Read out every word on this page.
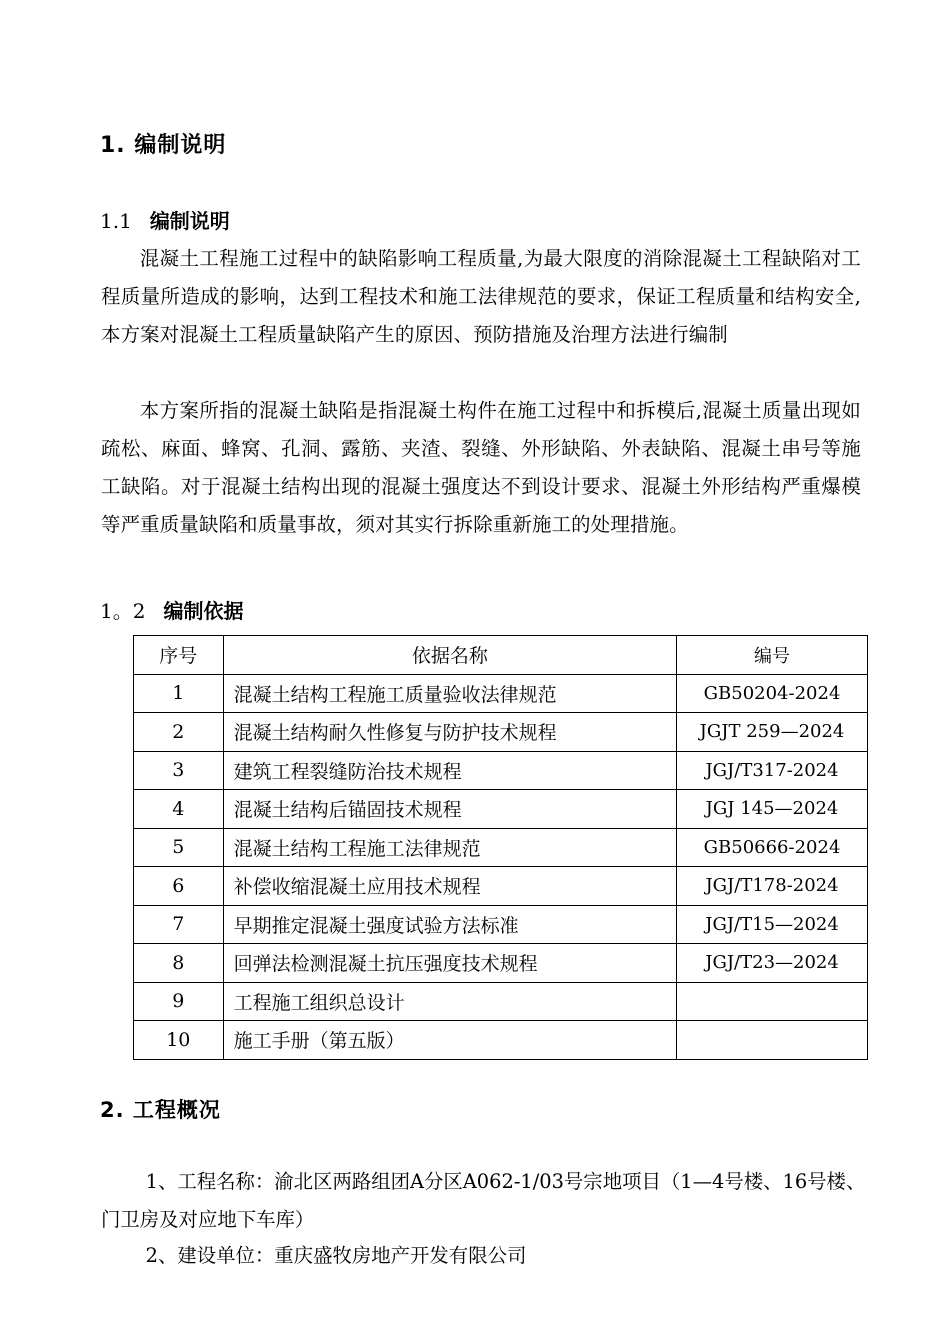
1. 编制说明
1.1 编制说明
混凝土工程施工过程中的缺陷影响工程质量,为最大限度的消除混凝土工程缺陷对工程质量所造成的影响，达到工程技术和施工法律规范的要求，保证工程质量和结构安全,本方案对混凝土工程质量缺陷产生的原因、预防措施及治理方法进行编制
本方案所指的混凝土缺陷是指混凝土构件在施工过程中和拆模后,混凝土质量出现如疏松、麻面、蜂窝、孔洞、露筋、夹渣、裂缝、外形缺陷、外表缺陷、混凝土串号等施工缺陷。对于混凝土结构出现的混凝土强度达不到设计要求、混凝土外形结构严重爆模等严重质量缺陷和质量事故，须对其实行拆除重新施工的处理措施。
1。2 编制依据
序号	依据名称	编号
1	混凝土结构工程施工质量验收法律规范	GB50204-2024
2	混凝土结构耐久性修复与防护技术规程	JGJT 259—2024
3	建筑工程裂缝防治技术规程	JGJ/T317-2024
4	混凝土结构后锚固技术规程	JGJ 145—2024
5	混凝土结构工程施工法律规范	GB50666-2024
6	补偿收缩混凝土应用技术规程	JGJ/T178-2024
7	早期推定混凝土强度试验方法标准	JGJ/T15—2024
8	回弹法检测混凝土抗压强度技术规程	JGJ/T23—2024
9	工程施工组织总设计	
10	施工手册（第五版）	
2. 工程概况
1、工程名称：渝北区两路组团A分区A062-1/03号宗地项目（1—4号楼、16号楼、门卫房及对应地下车库）
2、建设单位：重庆盛牧房地产开发有限公司
